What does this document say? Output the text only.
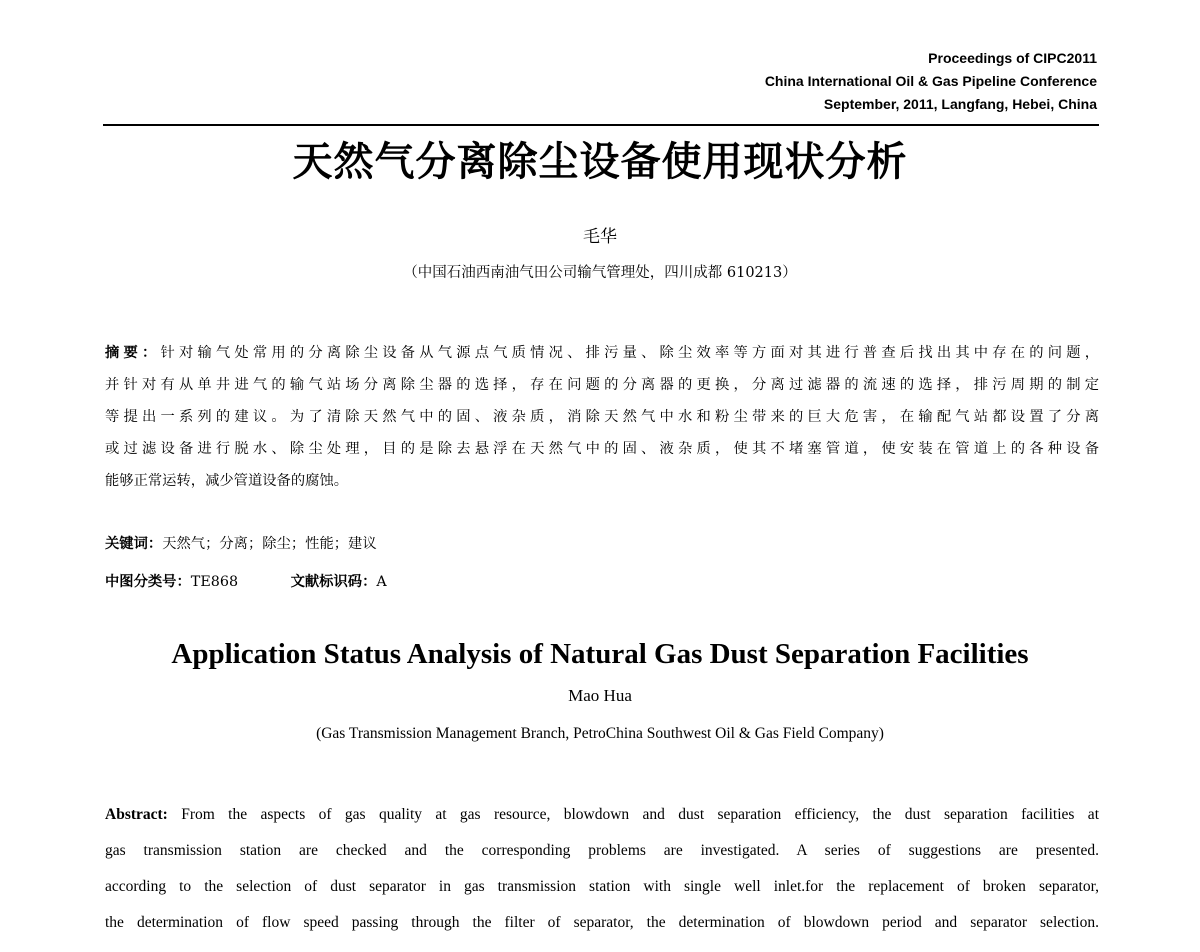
Proceedings of CIPC2011
China International Oil & Gas Pipeline Conference
September, 2011, Langfang, Hebei, China
天然气分离除尘设备使用现状分析
毛华
（中国石油西南油气田公司输气管理处，四川成都 610213）
摘要：针对输气处常用的分离除尘设备从气源点气质情况、排污量、除尘效率等方面对其进行普查后找出其中存在的问题，
并针对有从单井进气的输气站场分离除尘器的选择，存在问题的分离器的更换，分离过滤器的流速的选择，排污周期的制定
等提出一系列的建议。为了清除天然气中的固、液杂质，消除天然气中水和粉尘带来的巨大危害，在输配气站都设置了分离
或过滤设备进行脱水、除尘处理，目的是除去悬浮在天然气中的固、液杂质，使其不堵塞管道，使安装在管道上的各种设备
能够正常运转，减少管道设备的腐蚀。
关键词：天然气；分离；除尘；性能；建议
中图分类号：TE868	文献标识码：A
Application Status Analysis of Natural Gas Dust Separation Facilities
Mao Hua
(Gas Transmission Management Branch, PetroChina Southwest Oil & Gas Field Company)
Abstract: From the aspects of gas quality at gas resource, blowdown and dust separation efficiency, the dust separation facilities at
gas transmission station are checked and the corresponding problems are investigated. A series of suggestions are presented.
according to the selection of dust separator in gas transmission station with single well inlet.for the replacement of broken separator,
the determination of flow speed passing through the filter of separator, the determination of blowdown period and separator selection.
